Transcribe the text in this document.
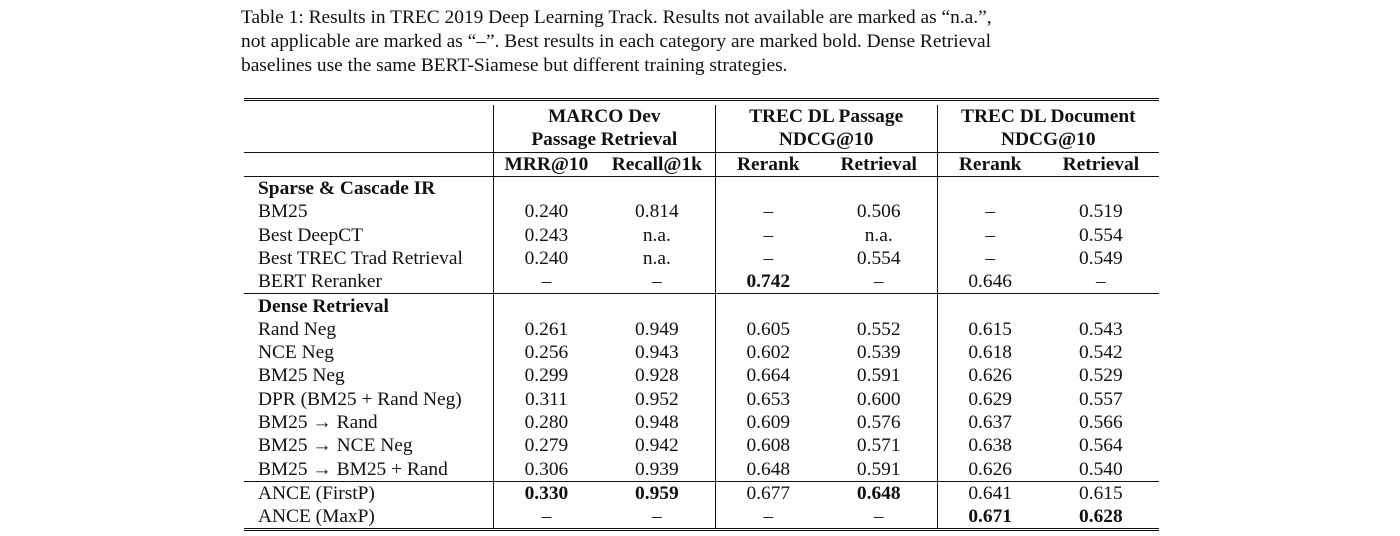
Table 1: Results in TREC 2019 Deep Learning Track. Results not available are marked as “n.a.”,
not applicable are marked as “–”. Best results in each category are marked bold. Dense Retrieval
baselines use the same BERT-Siamese but different training strategies.

	MARCO Dev		TREC DL Passage		TREC DL Document	
	Passage Retrieval		NDCG@10		NDCG@10	
	MRR@10	Recall@1k	Rerank	Retrieval	Rerank	Retrieval
Sparse & Cascade IR						
BM25	0.240	0.814	–	0.506	–	0.519
Best DeepCT	0.243	n.a.	–	n.a.	–	0.554
Best TREC Trad Retrieval	0.240	n.a.	–	0.554	–	0.549
BERT Reranker	–	–	0.742	–	0.646	–
Dense Retrieval						
Rand Neg	0.261	0.949	0.605	0.552	0.615	0.543
NCE Neg	0.256	0.943	0.602	0.539	0.618	0.542
BM25 Neg	0.299	0.928	0.664	0.591	0.626	0.529
DPR (BM25 + Rand Neg)	0.311	0.952	0.653	0.600	0.629	0.557
BM25 → Rand	0.280	0.948	0.609	0.576	0.637	0.566
BM25 → NCE Neg	0.279	0.942	0.608	0.571	0.638	0.564
BM25 → BM25 + Rand	0.306	0.939	0.648	0.591	0.626	0.540
ANCE (FirstP)	0.330	0.959	0.677	0.648	0.641	0.615
ANCE (MaxP)	–	–	–	–	0.671	0.628
